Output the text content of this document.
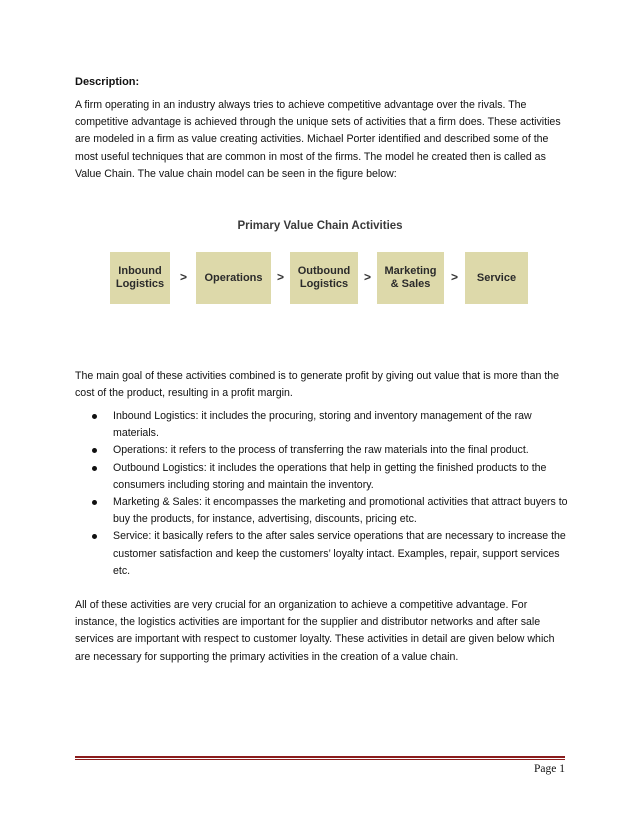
Description:

A firm operating in an industry always tries to achieve competitive advantage over the rivals. The competitive advantage is achieved through the unique sets of activities that a firm does. These activities are modeled in a firm as value creating activities. Michael Porter identified and described some of the most useful techniques that are common in most of the firms. The model he created then is called as Value Chain. The value chain model can be seen in the figure below:

Primary Value Chain Activities
Inbound
Logistics > Operations > Outbound
Logistics > Marketing
& Sales	> Service

The main goal of these activities combined is to generate profit by giving out value that is more than the cost of the product, resulting in a profit margin.

Inbound Logistics: it includes the procuring, storing and inventory management of the raw materials.
Operations: it refers to the process of transferring the raw materials into the final product.
Outbound Logistics: it includes the operations that help in getting the finished products to the consumers including storing and maintain the inventory.
Marketing & Sales: it encompasses the marketing and promotional activities that attract buyers to buy the products, for instance, advertising, discounts, pricing etc.
Service: it basically refers to the after sales service operations that are necessary to increase the customer satisfaction and keep the customers’ loyalty intact. Examples, repair, support services etc.

All of these activities are very crucial for an organization to achieve a competitive advantage. For instance, the logistics activities are important for the supplier and distributor networks and after sale services are important with respect to customer loyalty. These activities in detail are given below which are necessary for supporting the primary activities in the creation of a value chain.

Page 1
